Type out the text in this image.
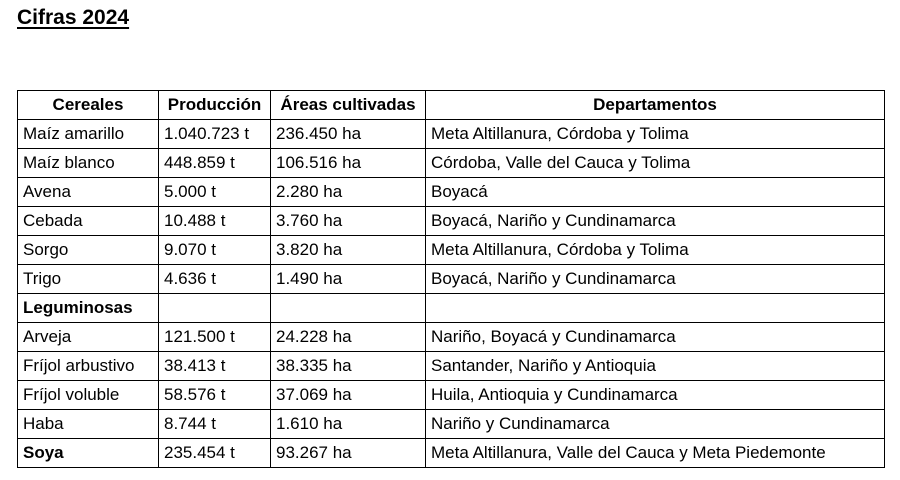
Cifras 2024
Cereales	Producción	Áreas cultivadas	Departamentos
Maíz amarillo	1.040.723 t	236.450 ha	Meta Altillanura, Córdoba y Tolima
Maíz blanco	448.859 t	106.516 ha	Córdoba, Valle del Cauca y Tolima
Avena	5.000 t	2.280 ha	Boyacá
Cebada	10.488 t	3.760 ha	Boyacá, Nariño y Cundinamarca
Sorgo	9.070 t	3.820 ha	Meta Altillanura, Córdoba y Tolima
Trigo	4.636 t	1.490 ha	Boyacá, Nariño y Cundinamarca
Leguminosas			
Arveja	121.500 t	24.228 ha	Nariño, Boyacá y Cundinamarca
Fríjol arbustivo	38.413 t	38.335 ha	Santander, Nariño y Antioquia
Fríjol voluble	58.576 t	37.069 ha	Huila, Antioquia y Cundinamarca
Haba	8.744 t	1.610 ha	Nariño y Cundinamarca
Soya	235.454 t	93.267 ha	Meta Altillanura, Valle del Cauca y Meta Piedemonte
